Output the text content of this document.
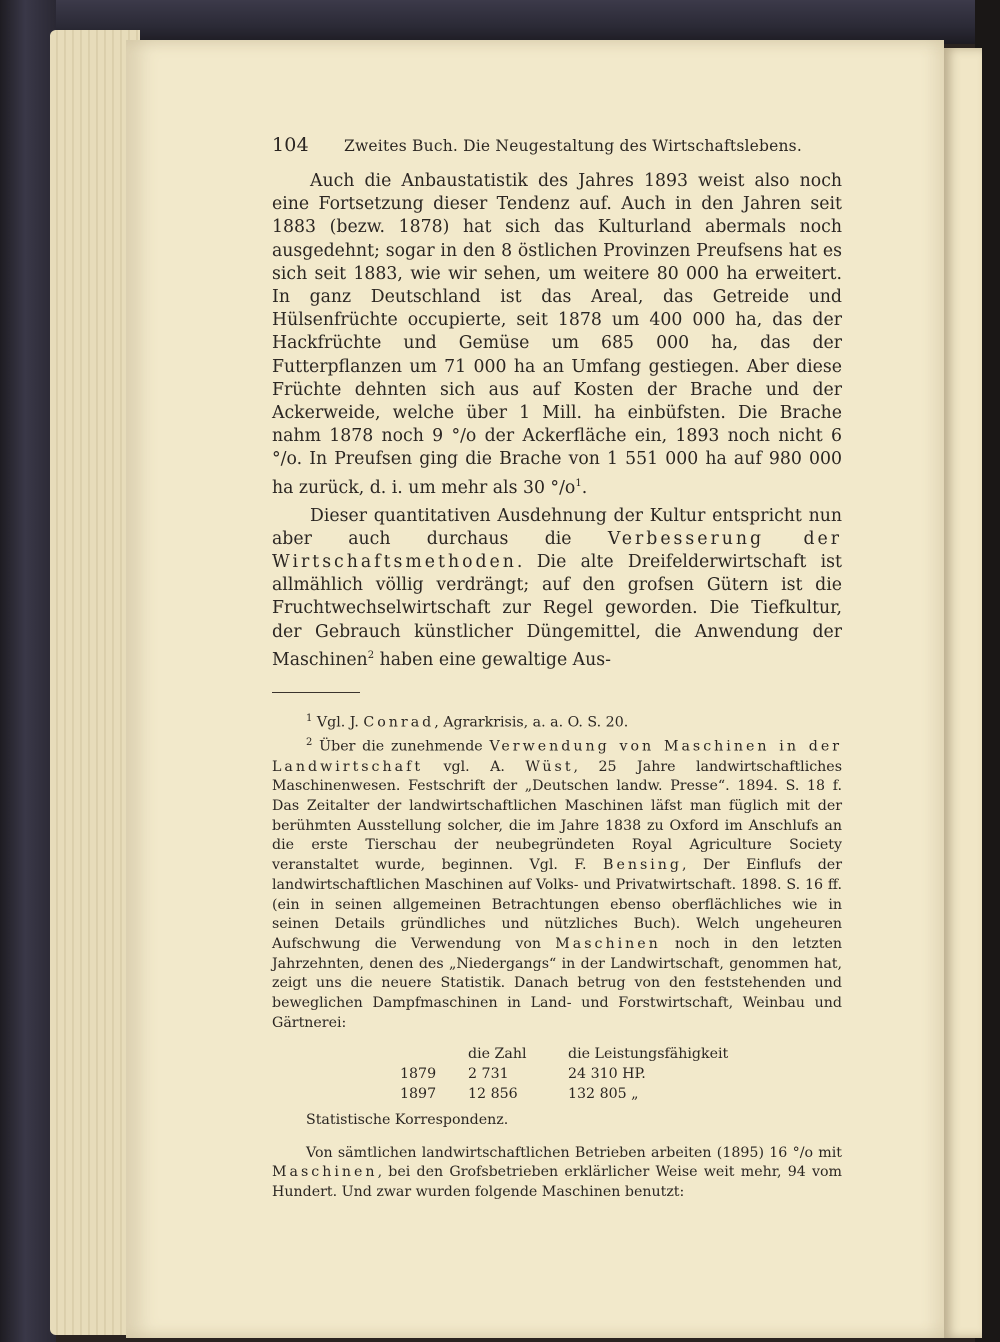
104	Zweites Buch. Die Neugestaltung des Wirtschaftslebens.

Auch die Anbaustatistik des Jahres 1893 weist also noch eine Fortsetzung dieser Tendenz auf. Auch in den Jahren seit 1883 (bezw. 1878) hat sich das Kulturland abermals noch ausgedehnt; sogar in den 8 östlichen Provinzen Preufsens hat es sich seit 1883, wie wir sehen, um weitere 80 000 ha erweitert. In ganz Deutschland ist das Areal, das Getreide und Hülsenfrüchte occupierte, seit 1878 um 400 000 ha, das der Hackfrüchte und Gemüse um 685 000 ha, das der Futterpflanzen um 71 000 ha an Umfang gestiegen. Aber diese Früchte dehnten sich aus auf Kosten der Brache und der Ackerweide, welche über 1 Mill. ha einbüfsten. Die Brache nahm 1878 noch 9 °/o der Ackerfläche ein, 1893 noch nicht 6 °/o. In Preufsen ging die Brache von 1 551 000 ha auf 980 000 ha zurück, d. i. um mehr als 30 $^\circ/o^1$.

Dieser quantitativen Ausdehnung der Kultur entspricht nun aber auch durchaus die Verbesserung der Wirtschaftsmethoden. Die alte Dreifelderwirtschaft ist allmählich völlig verdrängt; auf den grofsen Gütern ist die Fruchtwechselwirtschaft zur Regel geworden. Die Tiefkultur, der Gebrauch künstlicher Düngemittel, die Anwendung der Maschinen$^2$ haben eine gewaltige Aus-

$^1$ Vgl. J. Conrad, Agrarkrisis, a. a. O. S. 20.

$^2$ Über die zunehmende Verwendung von Maschinen in der Landwirtschaft vgl. A. Wüst, 25 Jahre landwirtschaftliches Maschinenwesen. Festschrift der „Deutschen landw. Presse“. 1894. S. 18 f. Das Zeitalter der landwirtschaftlichen Maschinen läfst man füglich mit der berühmten Ausstellung solcher, die im Jahre 1838 zu Oxford im Anschlufs an die erste Tierschau der neubegründeten Royal Agriculture Society veranstaltet wurde, beginnen. Vgl. F. Bensing, Der Einflufs der landwirtschaftlichen Maschinen auf Volks- und Privatwirtschaft. 1898. S. 16 ff. (ein in seinen allgemeinen Betrachtungen ebenso oberflächliches wie in seinen Details gründliches und nützliches Buch). Welch ungeheuren Aufschwung die Verwendung von Maschinen noch in den letzten Jahrzehnten, denen des „Niedergangs“ in der Landwirtschaft, genommen hat, zeigt uns die neuere Statistik. Danach betrug von den feststehenden und beweglichen Dampfmaschinen in Land- und Forstwirtschaft, Weinbau und Gärtnerei:

	die Zahl	die Leistungsfähigkeit
1879	2 731	24 310 HP.
1897	12 856	132 805 „

Statistische Korrespondenz.

Von sämtlichen landwirtschaftlichen Betrieben arbeiten (1895) 16 °/o mit Maschinen, bei den Grofsbetrieben erklärlicher Weise weit mehr, 94 vom Hundert. Und zwar wurden folgende Maschinen benutzt:
